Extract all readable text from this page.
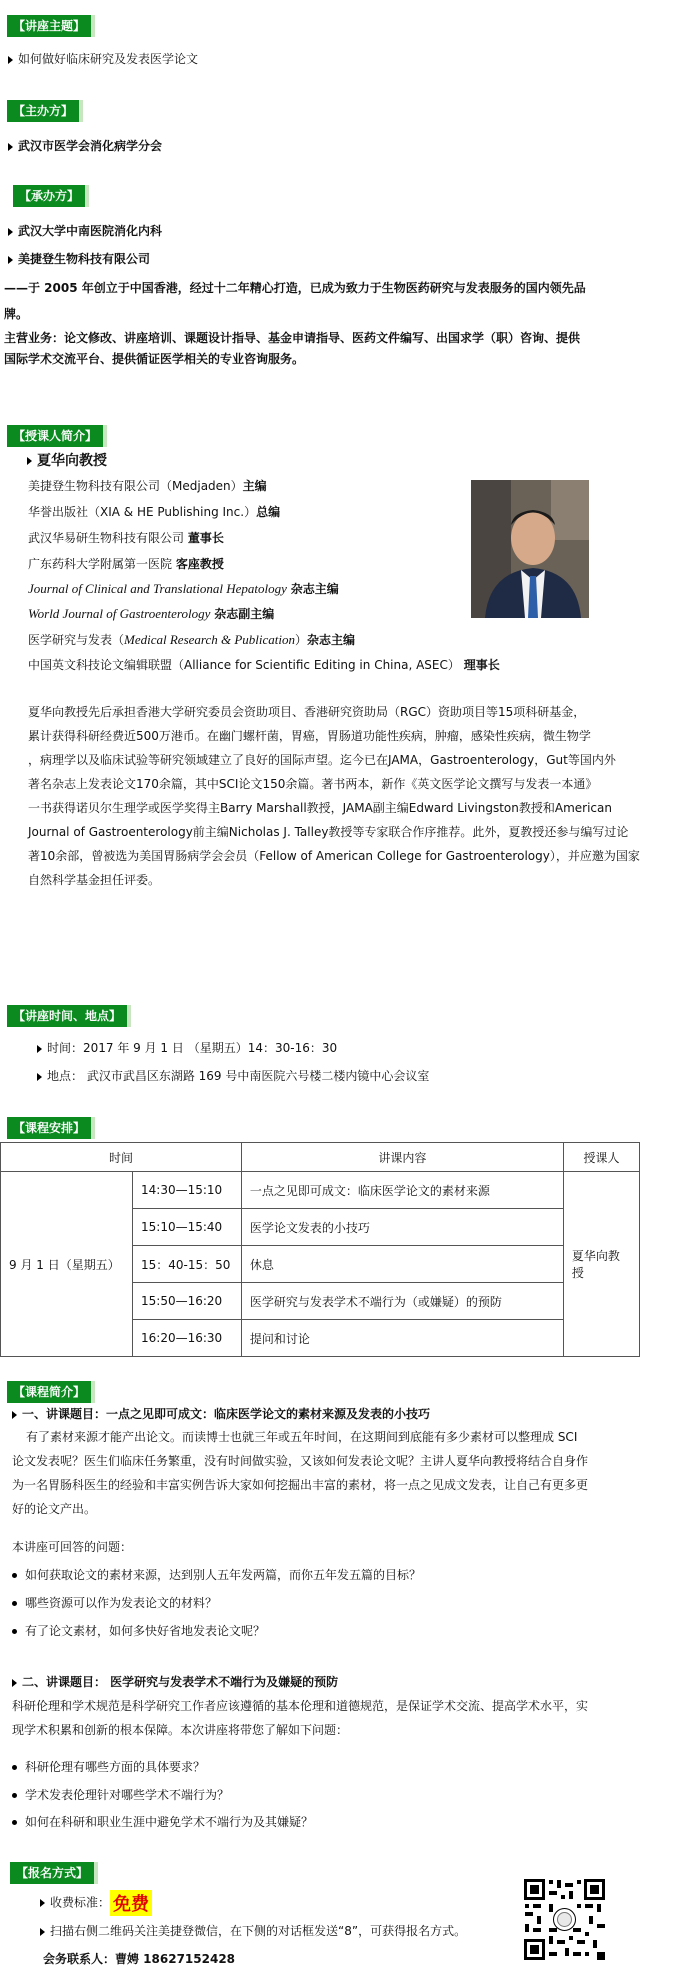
【讲座主题】
如何做好临床研究及发表医学论文
【主办方】
武汉市医学会消化病学分会
【承办方】
武汉大学中南医院消化内科
美捷登生物科技有限公司
——于 2005 年创立于中国香港，经过十二年精心打造，已成为致力于生物医药研究与发表服务的国内领先品
牌。
主营业务：论文修改、讲座培训、课题设计指导、基金申请指导、医药文件编写、出国求学（职）咨询、提供
国际学术交流平台、提供循证医学相关的专业咨询服务。
【授课人简介】
夏华向教授
美捷登生物科技有限公司（Medjaden）主编
华誉出版社（XIA & HE Publishing Inc.）总编
武汉华易研生物科技有限公司 董事长
广东药科大学附属第一医院 客座教授
Journal of Clinical and Translational Hepatology 杂志主编
World Journal of Gastroenterology 杂志副主编
医学研究与发表（Medical Research & Publication）杂志主编
中国英文科技论文编辑联盟（Alliance for Scientific Editing in China, ASEC） 理事长
夏华向教授先后承担香港大学研究委员会资助项目、香港研究资助局（RGC）资助项目等15项科研基金，
累计获得科研经费近500万港币。在幽门螺杆菌，胃癌，胃肠道功能性疾病，肿瘤，感染性疾病，微生物学
，病理学以及临床试验等研究领域建立了良好的国际声望。迄今已在JAMA，Gastroenterology，Gut等国内外
著名杂志上发表论文170余篇，其中SCI论文150余篇。著书两本，新作《英文医学论文撰写与发表一本通》
一书获得诺贝尔生理学或医学奖得主Barry Marshall教授，JAMA副主编Edward Livingston教授和American
Journal of Gastroenterology前主编Nicholas J. Talley教授等专家联合作序推荐。此外，夏教授还参与编写过论
著10余部，曾被选为美国胃肠病学会会员（Fellow of American College for Gastroenterology），并应邀为国家
自然科学基金担任评委。
【讲座时间、地点】
时间：2017 年 9 月 1 日 （星期五）14：30-16：30
地点： 武汉市武昌区东湖路 169 号中南医院六号楼二楼内镜中心会议室
【课程安排】
时间		讲课内容	授课人
9 月 1 日（星期五）	14:30—15:10	一点之见即可成文：临床医学论文的素材来源	夏华向教授
	15:10—15:40	医学论文发表的小技巧	
	15：40-15：50	休息	
	15:50—16:20	医学研究与发表学术不端行为（或嫌疑）的预防	
	16:20—16:30	提问和讨论	
【课程简介】
一、讲课题目：一点之见即可成文：临床医学论文的素材来源及发表的小技巧
有了素材来源才能产出论文。而读博士也就三年或五年时间，在这期间到底能有多少素材可以整理成 SCI
论文发表呢？医生们临床任务繁重，没有时间做实验，又该如何发表论文呢？主讲人夏华向教授将结合自身作
为一名胃肠科医生的经验和丰富实例告诉大家如何挖掘出丰富的素材，将一点之见成文发表，让自己有更多更
好的论文产出。
本讲座可回答的问题：
如何获取论文的素材来源，达到别人五年发两篇，而你五年发五篇的目标？
哪些资源可以作为发表论文的材料？
有了论文素材，如何多快好省地发表论文呢？
二、讲课题目： 医学研究与发表学术不端行为及嫌疑的预防
科研伦理和学术规范是科学研究工作者应该遵循的基本伦理和道德规范，是保证学术交流、提高学术水平，实
现学术积累和创新的根本保障。本次讲座将带您了解如下问题：
科研伦理有哪些方面的具体要求？
学术发表伦理针对哪些学术不端行为？
如何在科研和职业生涯中避免学术不端行为及其嫌疑？
【报名方式】
收费标准： 免费
扫描右侧二维码关注美捷登微信，在下侧的对话框发送“8”，可获得报名方式。
会务联系人：曹娉 18627152428
